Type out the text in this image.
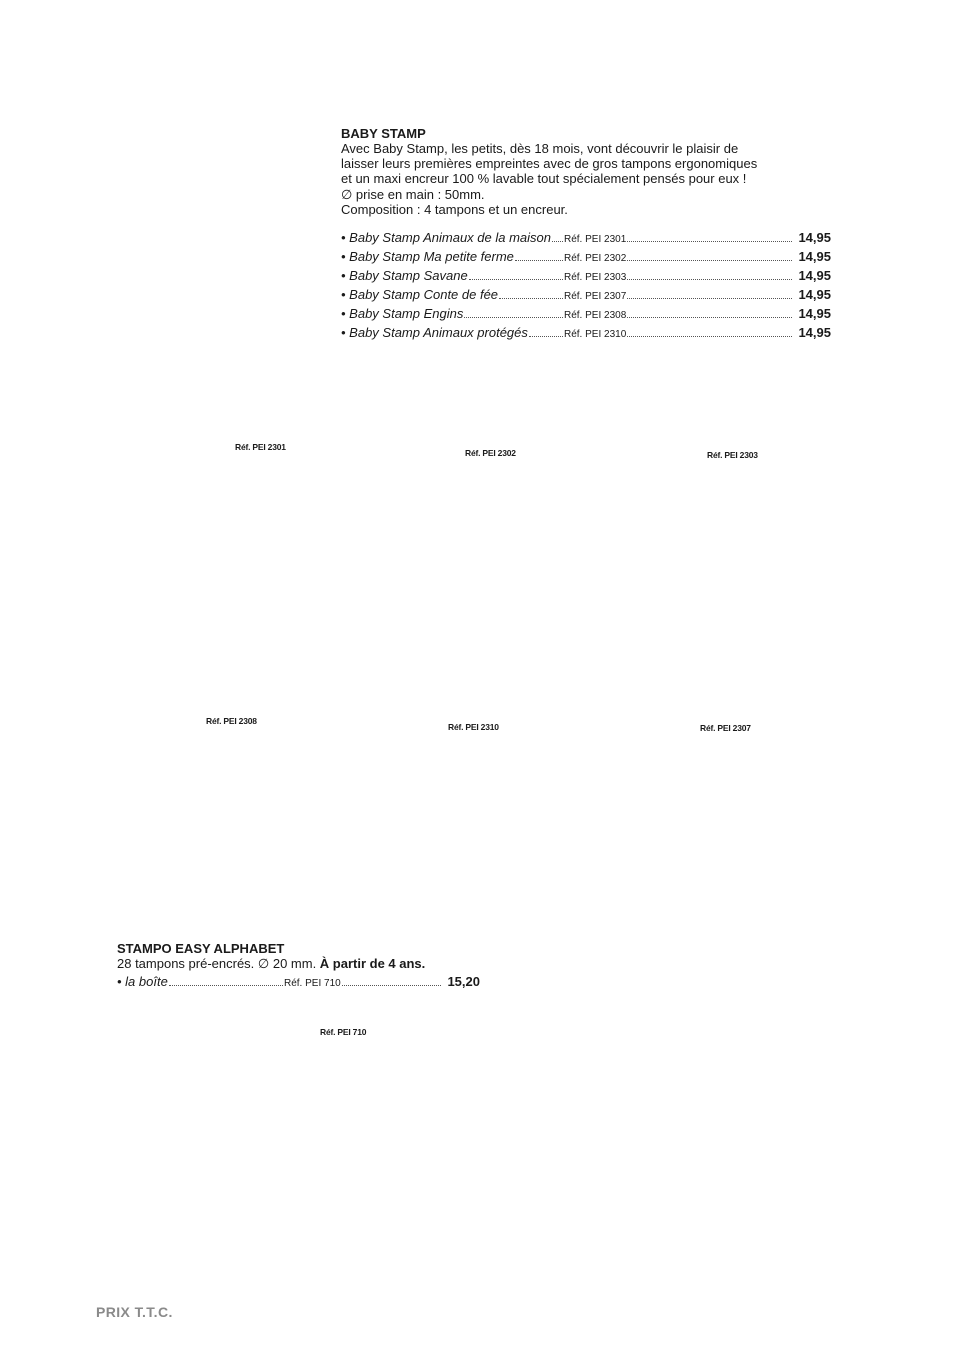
BABY STAMP
Avec Baby Stamp, les petits, dès 18 mois, vont découvrir le plaisir de
laisser leurs premières empreintes avec de gros tampons ergonomiques
et un maxi encreur 100 % lavable tout spécialement pensés pour eux !
∅ prise en main : 50mm.
Composition : 4 tampons et un encreur.
• Baby Stamp Animaux de la maison Réf. PEI 2301	14,95
• Baby Stamp Ma petite ferme	Réf. PEI 2302	14,95
• Baby Stamp Savane	Réf. PEI 2303	14,95
• Baby Stamp Conte de fée	Réf. PEI 2307	14,95
• Baby Stamp Engins	Réf. PEI 2308	14,95
• Baby Stamp Animaux protégés	Réf. PEI 2310	14,95
Réf. PEI 2301
Réf. PEI 2302	Réf. PEI 2303
Réf. PEI 2308
Réf. PEI 2310	Réf. PEI 2307
STAMPO EASY ALPHABET
28 tampons pré-encrés. ∅ 20 mm. À partir de 4 ans.
• la boîte	Réf. PEI 710	15,20
Réf. PEI 710
PRIX T.T.C.
